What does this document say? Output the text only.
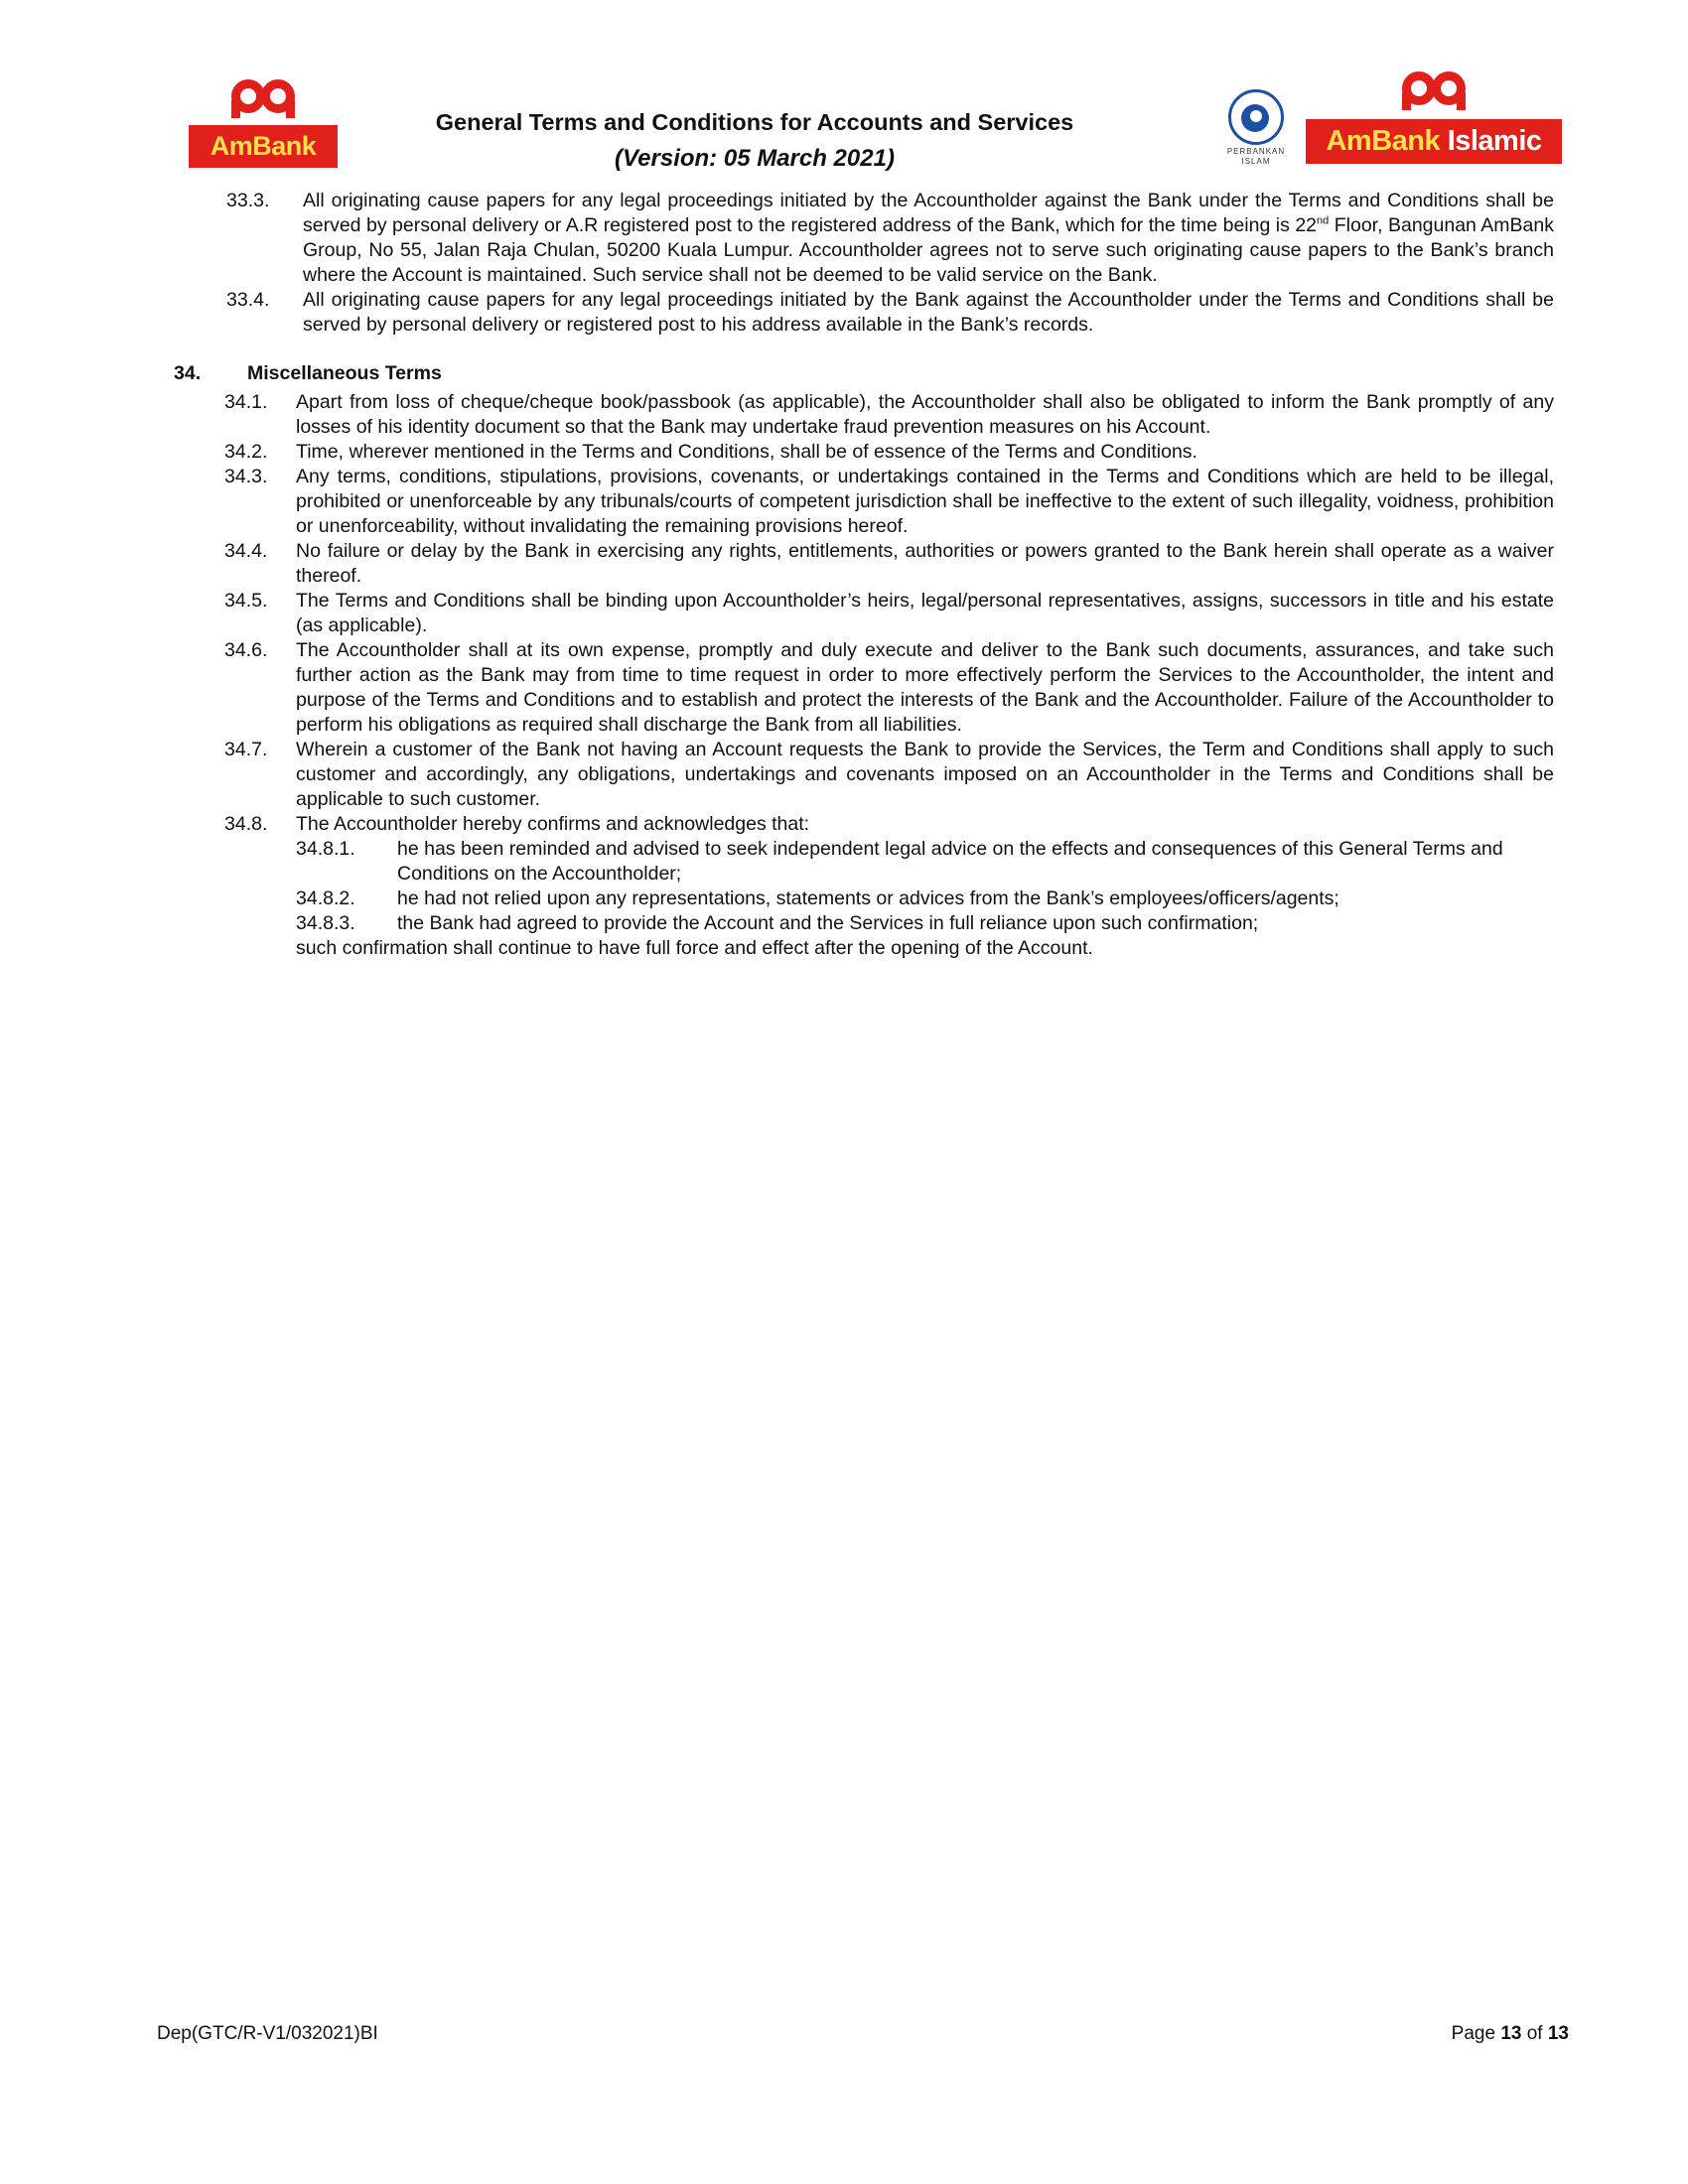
AmBank
General Terms and Conditions for Accounts and Services
(Version: 05 March 2021)	PERBANKAN ISLAM
AmBank Islamic
33.3.	All originating cause papers for any legal proceedings initiated by the Accountholder against the Bank under the Terms and Conditions shall be served by personal delivery or A.R registered post to the registered address of the Bank, which for the time being is 22nd Floor, Bangunan AmBank Group, No 55, Jalan Raja Chulan, 50200 Kuala Lumpur. Accountholder agrees not to serve such originating cause papers to the Bank’s branch where the Account is maintained. Such service shall not be deemed to be valid service on the Bank.
33.4.	All originating cause papers for any legal proceedings initiated by the Bank against the Accountholder under the Terms and Conditions shall be served by personal delivery or registered post to his address available in the Bank’s records.
34.	Miscellaneous Terms
34.1.	Apart from loss of cheque/cheque book/passbook (as applicable), the Accountholder shall also be obligated to inform the Bank promptly of any losses of his identity document so that the Bank may undertake fraud prevention measures on his Account.
34.2.	Time, wherever mentioned in the Terms and Conditions, shall be of essence of the Terms and Conditions.
34.3.	Any terms, conditions, stipulations, provisions, covenants, or undertakings contained in the Terms and Conditions which are held to be illegal, prohibited or unenforceable by any tribunals/courts of competent jurisdiction shall be ineffective to the extent of such illegality, voidness, prohibition or unenforceability, without invalidating the remaining provisions hereof.
34.4.	No failure or delay by the Bank in exercising any rights, entitlements, authorities or powers granted to the Bank herein shall operate as a waiver thereof.
34.5.	The Terms and Conditions shall be binding upon Accountholder’s heirs, legal/personal representatives, assigns, successors in title and his estate (as applicable).
34.6.	The Accountholder shall at its own expense, promptly and duly execute and deliver to the Bank such documents, assurances, and take such further action as the Bank may from time to time request in order to more effectively perform the Services to the Accountholder, the intent and purpose of the Terms and Conditions and to establish and protect the interests of the Bank and the Accountholder. Failure of the Accountholder to perform his obligations as required shall discharge the Bank from all liabilities.
34.7.	Wherein a customer of the Bank not having an Account requests the Bank to provide the Services, the Term and Conditions shall apply to such customer and accordingly, any obligations, undertakings and covenants imposed on an Accountholder in the Terms and Conditions shall be applicable to such customer.
34.8.	The Accountholder hereby confirms and acknowledges that:
34.8.1.	he has been reminded and advised to seek independent legal advice on the effects and consequences of this General Terms and Conditions on the Accountholder;
34.8.2.	he had not relied upon any representations, statements or advices from the Bank’s employees/officers/agents;
34.8.3.	the Bank had agreed to provide the Account and the Services in full reliance upon such confirmation;
such confirmation shall continue to have full force and effect after the opening of the Account.
Dep(GTC/R-V1/032021)BI	Page 13 of 13
